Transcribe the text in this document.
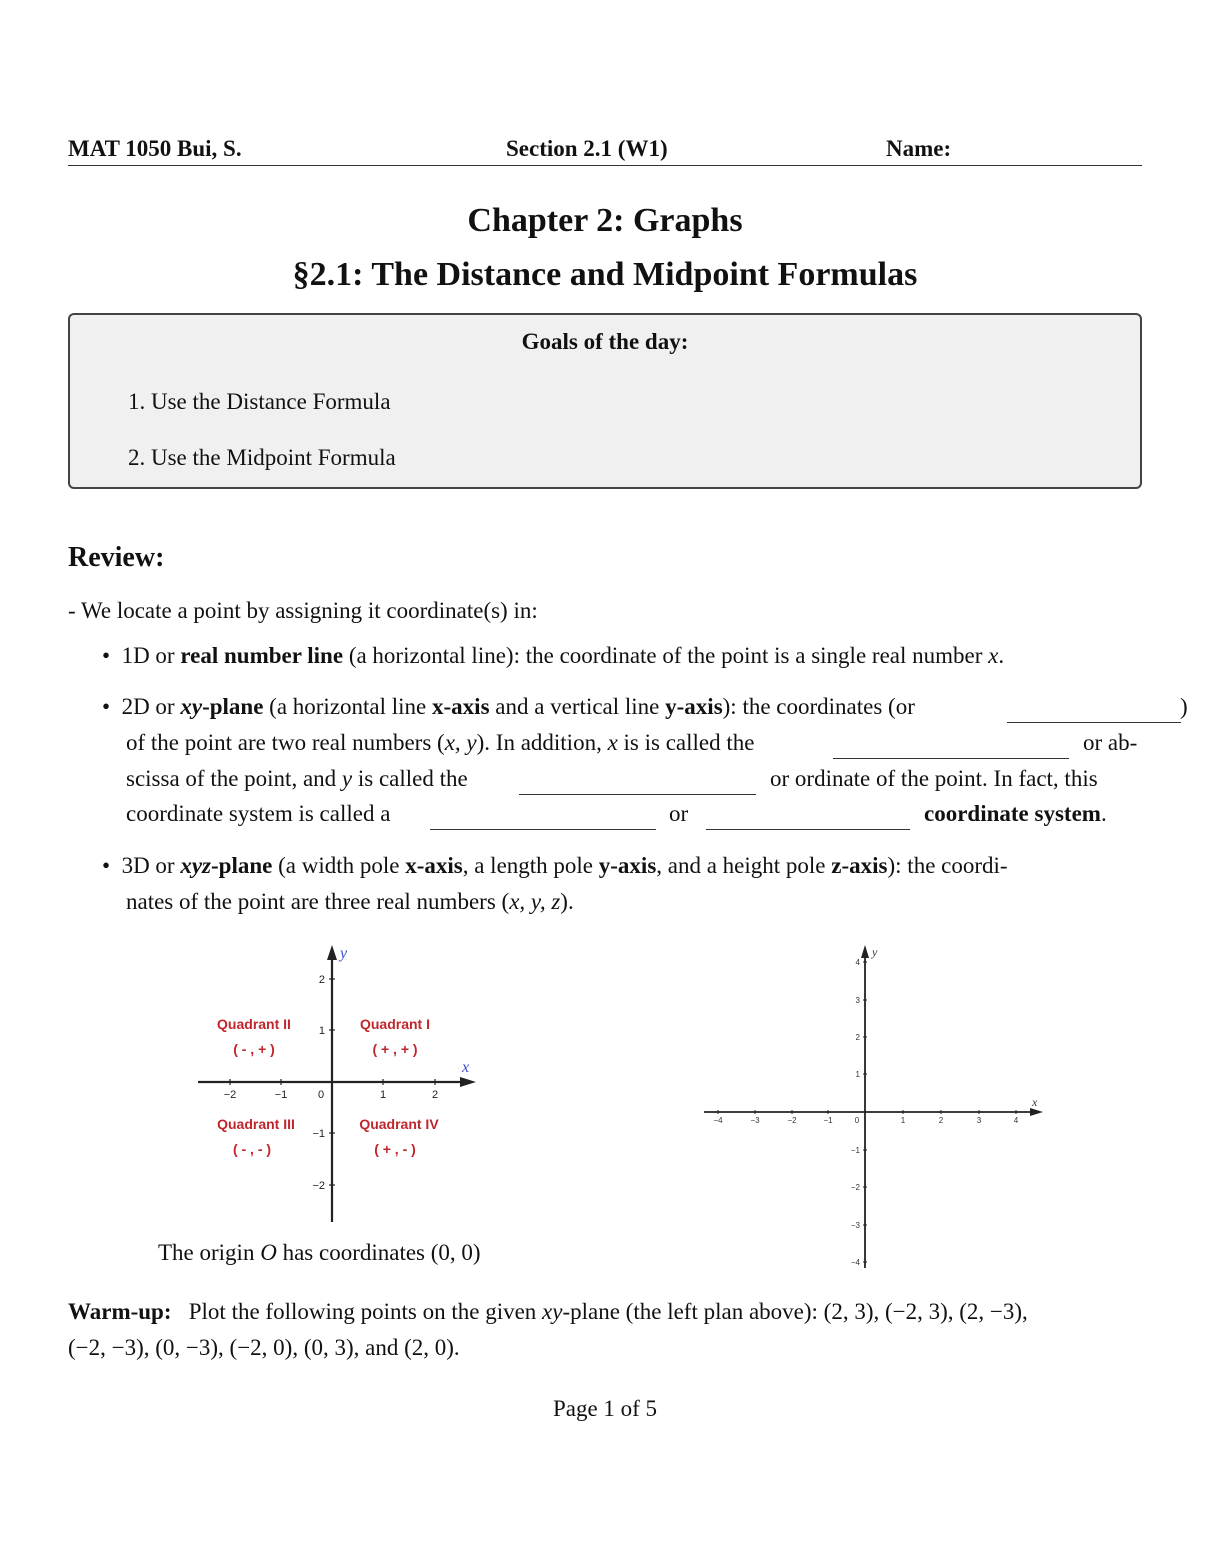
MAT 1050 Bui, S.	Section 2.1 (W1)	Name:
Chapter 2: Graphs
§2.1: The Distance and Midpoint Formulas
Goals of the day:
1. Use the Distance Formula
2. Use the Midpoint Formula
Review:
- We locate a point by assigning it coordinate(s) in:
• 1D or real number line (a horizontal line): the coordinate of the point is a single real number x.
• 2D or xy-plane (a horizontal line x-axis and a vertical line y-axis): the coordinates (or	)
of the point are two real numbers (x, y). In addition, x is is called the	or ab-
scissa of the point, and y is called the	or ordinate of the point. In fact, this
coordinate system is called a	or	coordinate system.
• 3D or xyz-plane (a width pole x-axis, a length pole y-axis, and a height pole z-axis): the coordi-
nates of the point are three real numbers (x, y, z).
−2	−1	0	1	2
2
1
−1
−2
x
y
Quadrant I
( + , + )
Quadrant II
( - , + )
Quadrant III
( - , - )
Quadrant IV
( + , - )
The origin O has coordinates (0, 0)
−4	−3	−2	−1	0	1	2	3	4
4
3
2
1
−1
−2
−3
−4
x
y
Warm-up: Plot the following points on the given xy-plane (the left plan above): (2, 3), (−2, 3), (2, −3),
(−2, −3), (0, −3), (−2, 0), (0, 3), and (2, 0).
Page 1 of 5
